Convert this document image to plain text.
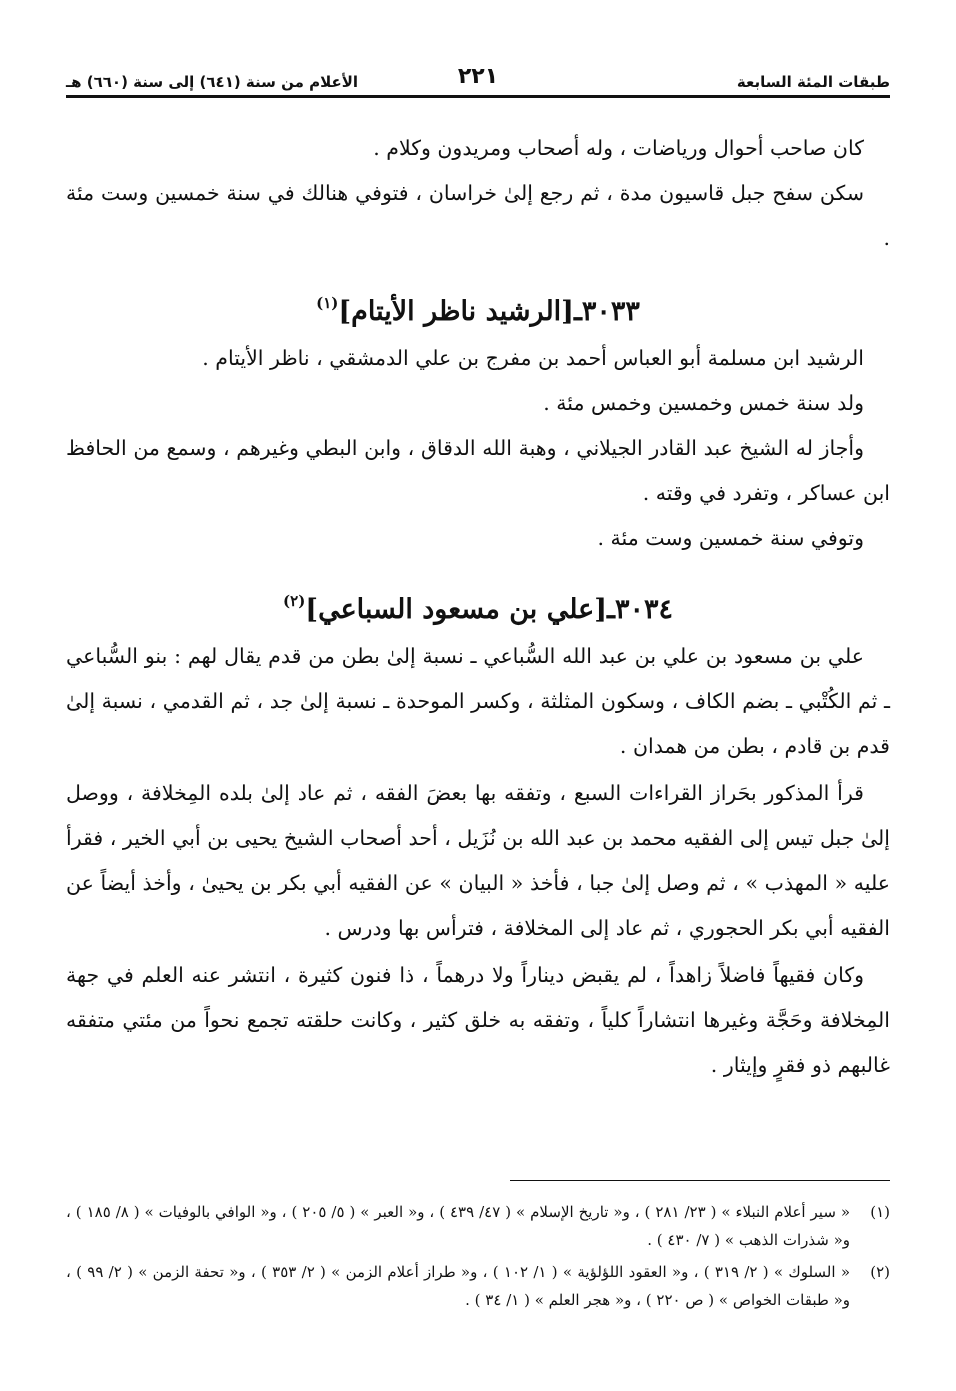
طبقات المئة السابعة
٢٢١
الأعلام من سنة (٦٤١) إلى سنة (٦٦٠) هـ

كان صاحب أحوال ورياضات ، وله أصحاب ومريدون وكلام .

سكن سفح جبل قاسيون مدة ، ثم رجع إلىٰ خراسان ، فتوفي هنالك في سنة خمسين وست مئة .

٣٠٣٣ـ[الرشيد ناظر الأيتام]$^{(١)}$

الرشيد ابن مسلمة أبو العباس أحمد بن مفرج بن علي الدمشقي ، ناظر الأيتام .

ولد سنة خمس وخمسين وخمس مئة .

وأجاز له الشيخ عبد القادر الجيلاني ، وهبة الله الدقاق ، وابن البطي وغيرهم ، وسمع من الحافظ ابن عساكر ، وتفرد في وقته .

وتوفي سنة خمسين وست مئة .

٣٠٣٤ـ[علي بن مسعود السباعي]$^{(٢)}$

علي بن مسعود بن علي بن عبد الله السُّباعي ـ نسبة إلىٰ بطن من قدم يقال لهم : بنو السُّباعي ـ ثم الكُتْبي ـ بضم الكاف ، وسكون المثلثة ، وكسر الموحدة ـ نسبة إلىٰ جد ، ثم القدمي ، نسبة إلىٰ قدم بن قادم ، بطن من همدان .

قرأ المذكور بحَراز القراءات السبع ، وتفقه بها بعضَ الفقه ، ثم عاد إلىٰ بلده المِخلافة ، ووصل إلىٰ جبل تيس إلى الفقيه محمد بن عبد الله بن نُزَيل ، أحد أصحاب الشيخ يحيى بن أبي الخير ، فقرأ عليه « المهذب » ، ثم وصل إلىٰ جبا ، فأخذ « البيان » عن الفقيه أبي بكر بن يحيىٰ ، وأخذ أيضاً عن الفقيه أبي بكر الحجوري ، ثم عاد إلى المخلافة ، فترأس بها ودرس .

وكان فقيهاً فاضلاً زاهداً ، لم يقبض ديناراً ولا درهماً ، ذا فنون كثيرة ، انتشر عنه العلم في جهة المِخلافة وحَجَّة وغيرها انتشاراً كلياً ، وتفقه به خلق كثير ، وكانت حلقته تجمع نحواً من مئتي متفقه غالبهم ذو فقرٍ وإيثار .

(١)
« سير أعلام النبلاء » ( ٢٣/ ٢٨١ ) ، و« تاريخ الإسلام » ( ٤٧/ ٤٣٩ ) ، و« العبر » ( ٥/ ٢٠٥ ) ، و« الوافي بالوفيات » ( ٨/ ١٨٥ ) ، و« شذرات الذهب » ( ٧/ ٤٣٠ ) .
(٢)
« السلوك » ( ٢/ ٣١٩ ) ، و« العقود اللؤلؤية » ( ١/ ١٠٢ ) ، و« طراز أعلام الزمن » ( ٢/ ٣٥٣ ) ، و« تحفة الزمن » ( ٢/ ٩٩ ) ، و« طبقات الخواص » ( ص ٢٢٠ ) ، و« هجر العلم » ( ١/ ٣٤ ) .
